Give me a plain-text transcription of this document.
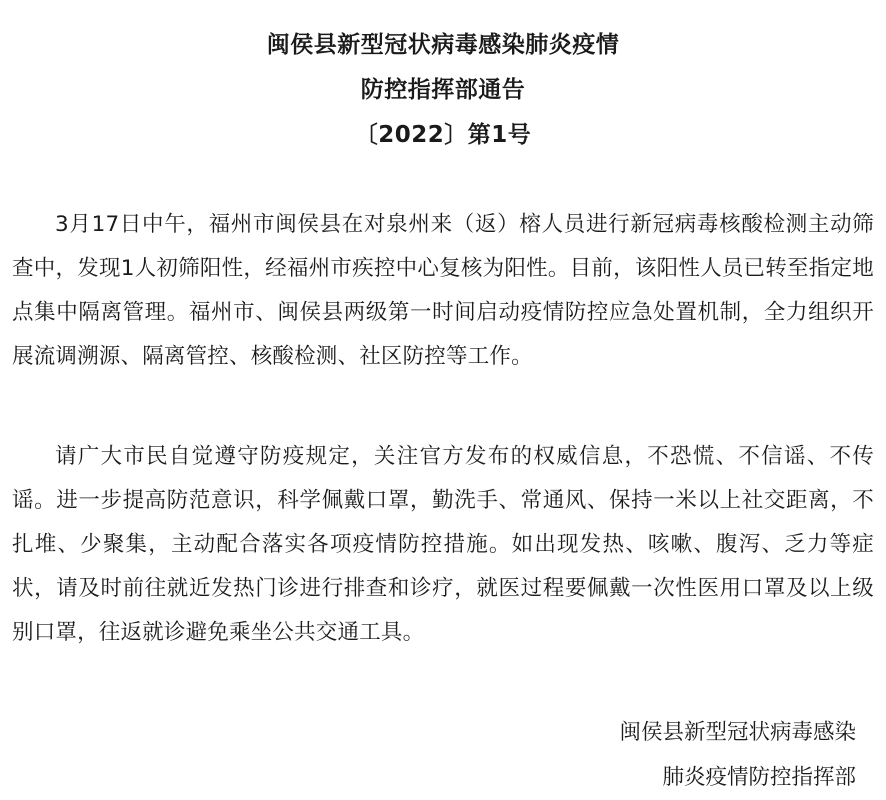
闽侯县新型冠状病毒感染肺炎疫情
防控指挥部通告
〔2022〕第1号

3月17日中午，福州市闽侯县在对泉州来（返）榕人员进行新冠病毒核酸检测主动筛查中，发现1人初筛阳性，经福州市疾控中心复核为阳性。目前，该阳性人员已转至指定地点集中隔离管理。福州市、闽侯县两级第一时间启动疫情防控应急处置机制，全力组织开展流调溯源、隔离管控、核酸检测、社区防控等工作。

请广大市民自觉遵守防疫规定，关注官方发布的权威信息，不恐慌、不信谣、不传谣。进一步提高防范意识，科学佩戴口罩，勤洗手、常通风、保持一米以上社交距离，不扎堆、少聚集，主动配合落实各项疫情防控措施。如出现发热、咳嗽、腹泻、乏力等症状，请及时前往就近发热门诊进行排查和诊疗，就医过程要佩戴一次性医用口罩及以上级别口罩，往返就诊避免乘坐公共交通工具。

闽侯县新型冠状病毒感染
肺炎疫情防控指挥部
